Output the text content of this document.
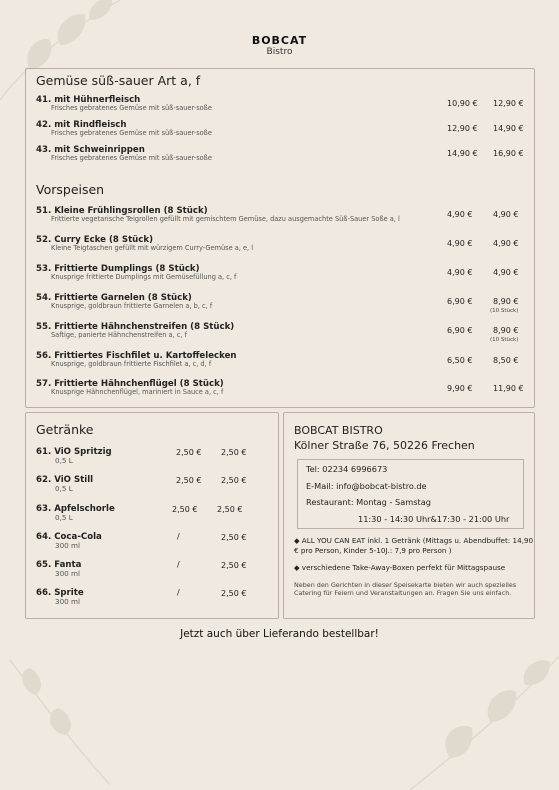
BOBCAT
Bistro
Gemüse süß-sauer Art a, f
41. mit Hühnerfleisch
Frisches gebratenes Gemüse mit süß-sauer-soße	10,90 € 12,90 €
42. mit Rindfleisch
Frisches gebratenes Gemüse mit süß-sauer-soße	12,90 € 14,90 €
43. mit Schweinrippen
Frisches gebratenes Gemüse mit süß-sauer-soße	14,90 € 16,90 €
Vorspeisen
51. Kleine Frühlingsrollen (8 Stück)
Frittierte vegetarische Teigrollen gefüllt mit gemischtem Gemüse, dazu ausgemachte Süß-Sauer Soße a, l	4,90 €	4,90 €
52. Curry Ecke (8 Stück)
Kleine Teigtaschen gefüllt mit würzigem Curry-Gemüse a, e, l	4,90 €	4,90 €
53. Frittierte Dumplings (8 Stück)
Knusprige frittierte Dumplings mit Gemüsefüllung a, c, f	4,90 €	4,90 €
54. Frittierte Garnelen (8 Stück)
Knusprige, goldbraun frittierte Garnelen a, b, c, f	6,90 €	8,90 €
(10 Stück)
55. Frittierte Hähnchenstreifen (8 Stück)
Saftige, panierte Hähnchenstreifen a, c, f	6,90 €	8,90 €
(10 Stück)
56. Frittiertes Fischfilet u. Kartoffelecken
Knusprige, goldbraun frittierte Fischfilet a, c, d, f	6,50 €	8,50 €
57. Frittierte Hähnchenflügel (8 Stück)
Knusprige Hähnchenflügel, mariniert in Sauce a, c, f	9,90 €	11,90 €
Getränke
61. ViO Spritzig
0,5 L
2,50 € 2,50 €
62. ViO Still
0,5 L
2,50 € 2,50 €
63. Apfelschorle
0,5 L
2,50 € 2,50 €
64. Coca-Cola
300 ml
/	2,50 €
65. Fanta
300 ml
/	2,50 €
66. Sprite
300 ml
/	2,50 €
BOBCAT BISTRO
Kölner Straße 76, 50226 Frechen
Tel: 02234 6996673
E-Mail: info@bobcat-bistro.de
Restaurant: Montag - Samstag
11:30 - 14:30 Uhr&17:30 - 21:00 Uhr
◆ ALL YOU CAN EAT inkl. 1 Getränk (Mittags u. Abendbuffet: 14,90 € pro Person, Kinder 5-10J.: 7,9 pro Person )
◆ verschiedene Take-Away-Boxen perfekt für Mittagspause
Neben den Gerichten in dieser Speisekarte bieten wir auch spezielles Catering für Feiern und Veranstaltungen an. Fragen Sie uns einfach.
Jetzt auch über Lieferando bestellbar!
